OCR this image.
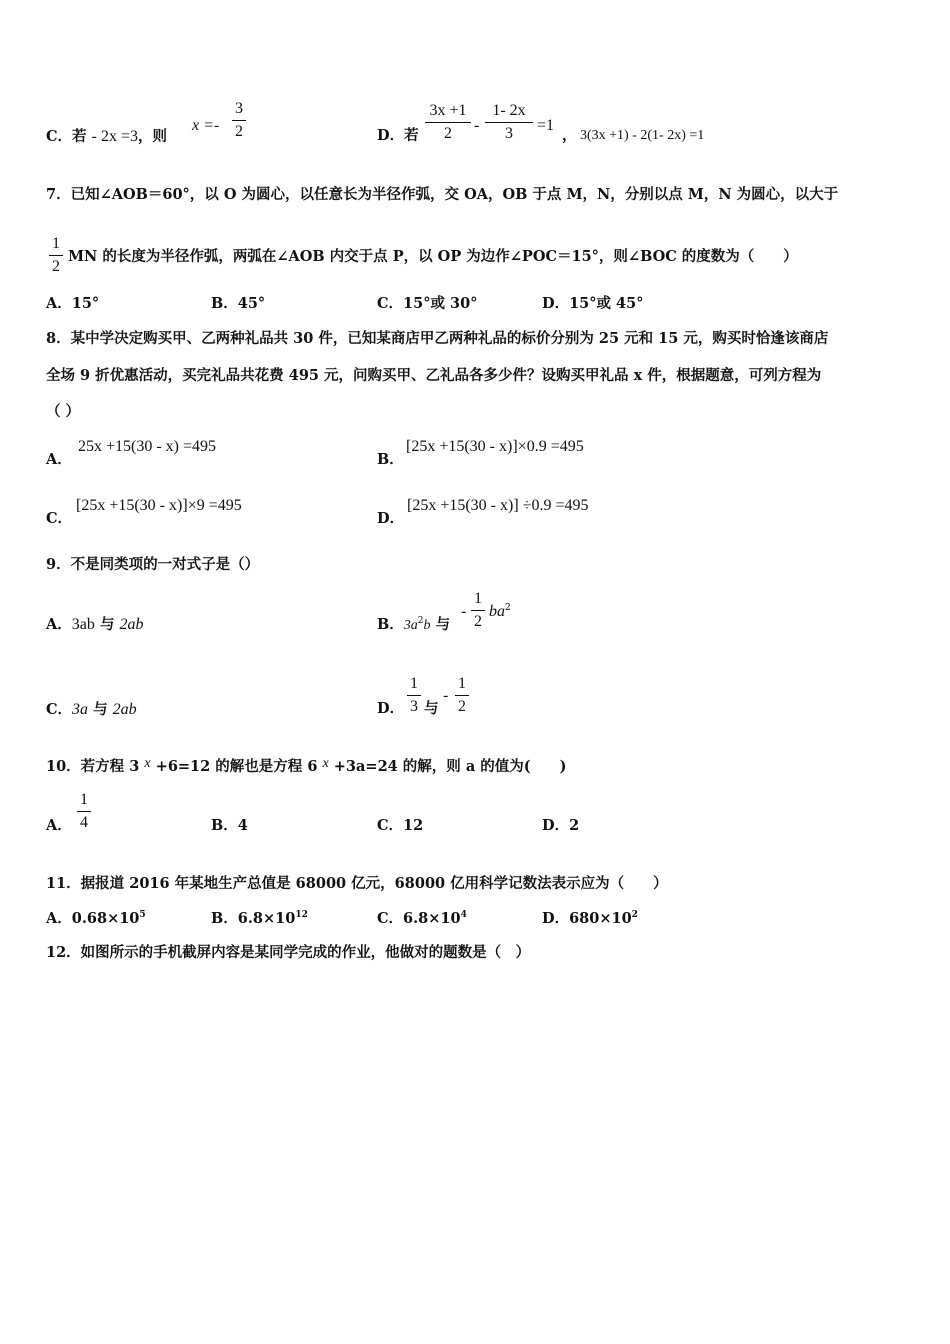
C．若 - 2x =3，则
x =-
3
2	D．若
3x +1
2	-
1- 2x
3	=1
， 3(3x +1) - 2(1- 2x) =1
7．已知∠AOB＝60°，以 O 为圆心，以任意长为半径作弧，交 OA，OB 于点 M，N，分别以点 M，N 为圆心，以大于
1
2
MN 的长度为半径作弧，两弧在∠AOB 内交于点 P，以 OP 为边作∠POC＝15°，则∠BOC 的度数为（　　）
A．15°	B．45°	C．15°或 30°	D．15°或 45°
8．某中学决定购买甲、乙两种礼品共 30 件，已知某商店甲乙两种礼品的标价分别为 25 元和 15 元，购买时恰逢该商店
全场 9 折优惠活动，买完礼品共花费 495 元，问购买甲、乙礼品各多少件？设购买甲礼品 x 件，根据题意，可列方程为
（ ）
A．
25x +15(30 - x) =495
B．
[25x +15(30 - x)]×0.9 =495
C．
[25x +15(30 - x)]×9 =495
D．
[25x +15(30 - x)] ÷0.9 =495
9．不是同类项的一对式子是（）
A．3ab 与 2ab	B．$3a^2b$ 与
-
1
2
$ba^2$
C．3a 与 2ab	D．
1
3 与
-
1
2
10．若方程 3 x +6=12 的解也是方程 6 x +3a=24 的解，则 a 的值为(　　)
A．
1
4	B．4	C．12	D．2
11．据报道 2016 年某地生产总值是 68000 亿元，68000 亿用科学记数法表示应为（　　）
A．$0.68\times 10^5$	B．$6.8\times 10^{12}$	C．$6.8\times 10^4$	D．$680\times 10^2$
12．如图所示的手机截屏内容是某同学完成的作业，他做对的题数是（　）
